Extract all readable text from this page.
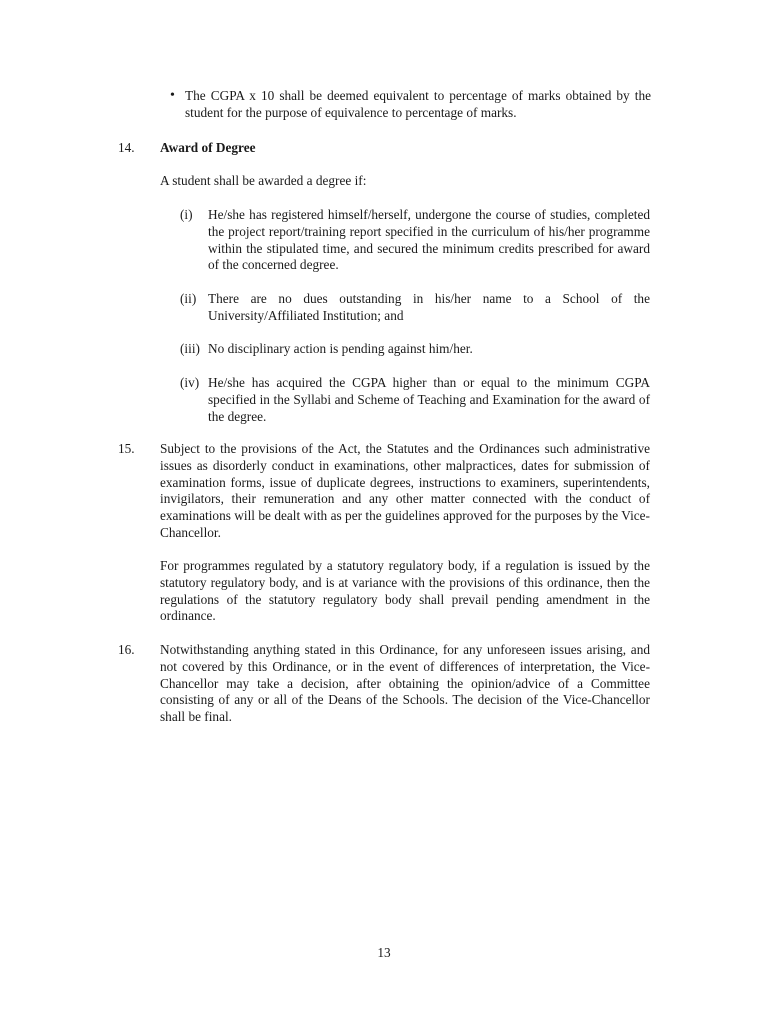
• The CGPA x 10 shall be deemed equivalent to percentage of marks obtained by the student for the purpose of equivalence to percentage of marks.
14.	Award of Degree
A student shall be awarded a degree if:
(i)	He/she has registered himself/herself, undergone the course of studies, completed the project report/training report specified in the curriculum of his/her programme within the stipulated time, and secured the minimum credits prescribed for award of the concerned degree.
(ii) There are no dues outstanding in his/her name to a School of the University/Affiliated Institution; and
(iii) No disciplinary action is pending against him/her.
(iv) He/she has acquired the CGPA higher than or equal to the minimum CGPA specified in the Syllabi and Scheme of Teaching and Examination for the award of the degree.
15.	Subject to the provisions of the Act, the Statutes and the Ordinances such administrative issues as disorderly conduct in examinations, other malpractices, dates for submission of examination forms, issue of duplicate degrees, instructions to examiners, superintendents, invigilators, their remuneration and any other matter connected with the conduct of examinations will be dealt with as per the guidelines approved for the purposes by the Vice-Chancellor.
For programmes regulated by a statutory regulatory body, if a regulation is issued by the statutory regulatory body, and is at variance with the provisions of this ordinance, then the regulations of the statutory regulatory body shall prevail pending amendment in the ordinance.
16.	Notwithstanding anything stated in this Ordinance, for any unforeseen issues arising, and not covered by this Ordinance, or in the event of differences of interpretation, the Vice-Chancellor may take a decision, after obtaining the opinion/advice of a Committee consisting of any or all of the Deans of the Schools. The decision of the Vice-Chancellor shall be final.
13
